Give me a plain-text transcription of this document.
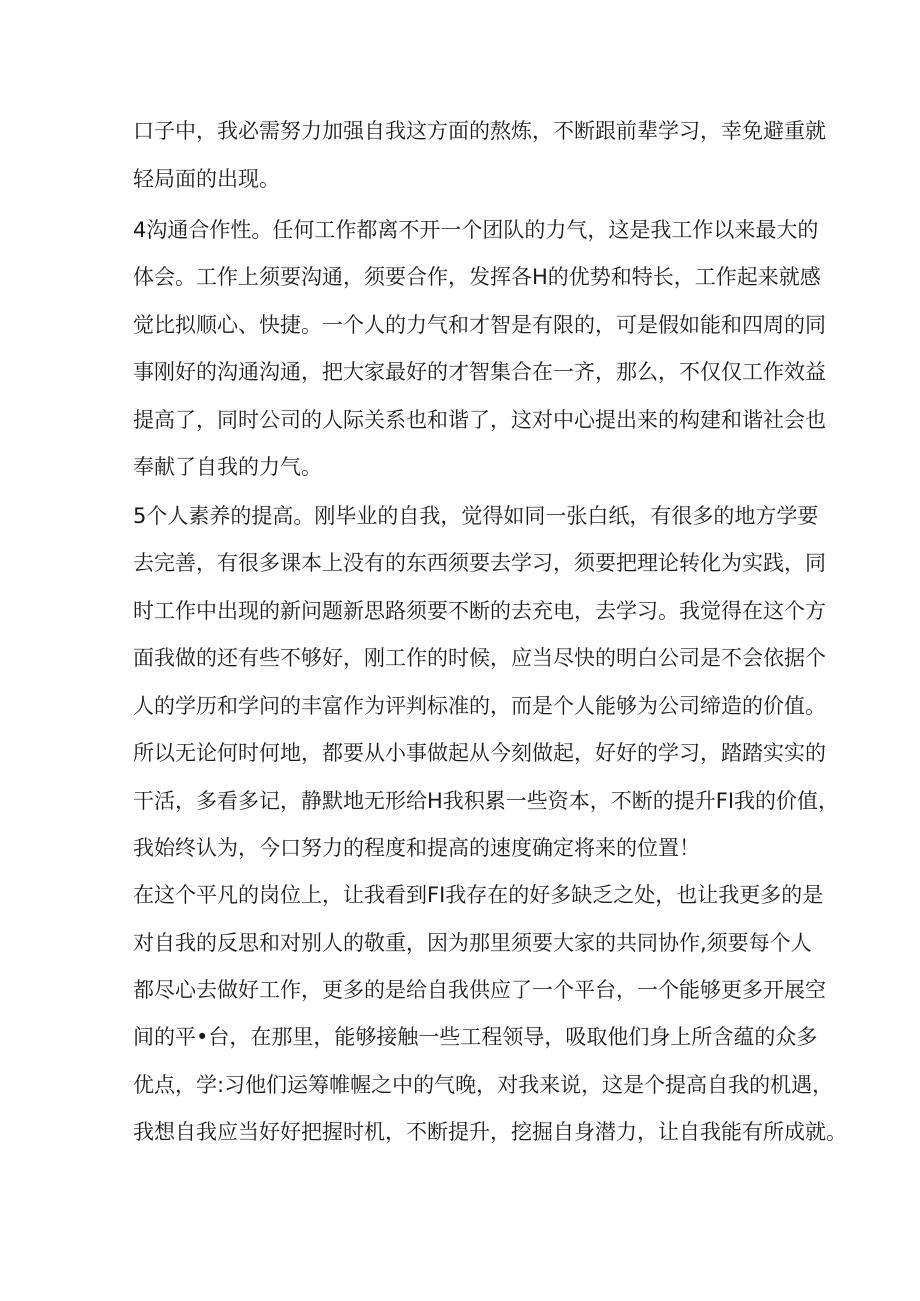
口子中，我必需努力加强自我这方面的熬炼，不断跟前辈学习，幸免避重就
轻局面的出现。
4沟通合作性。任何工作都离不开一个团队的力气，这是我工作以来最大的
体会。工作上须要沟通，须要合作，发挥各H的优势和特长，工作起来就感
觉比拟顺心、快捷。一个人的力气和才智是有限的，可是假如能和四周的同
事刚好的沟通沟通，把大家最好的才智集合在一齐，那么，不仅仅工作效益
提高了，同时公司的人际关系也和谐了，这对中心提出来的构建和谐社会也
奉献了自我的力气。
5个人素养的提高。刚毕业的自我，觉得如同一张白纸，有很多的地方学要
去完善，有很多课本上没有的东西须要去学习，须要把理论转化为实践，同
时工作中出现的新问题新思路须要不断的去充电，去学习。我觉得在这个方
面我做的还有些不够好，刚工作的时候，应当尽快的明白公司是不会依据个
人的学历和学问的丰富作为评判标准的，而是个人能够为公司缔造的价值。
所以无论何时何地，都要从小事做起从今刻做起，好好的学习，踏踏实实的
干活，多看多记，静默地无形给H我积累一些资本，不断的提升FI我的价值，
我始终认为，今口努力的程度和提高的速度确定将来的位置！
在这个平凡的岗位上，让我看到FI我存在的好多缺乏之处，也让我更多的是
对自我的反思和对别人的敬重，因为那里须要大家的共同协作,须要每个人
都尽心去做好工作，更多的是给自我供应了一个平台，一个能够更多开展空
间的平•台，在那里，能够接触一些工程领导，吸取他们身上所含蕴的众多
优点，学:习他们运筹帷幄之中的气晚，对我来说，这是个提高自我的机遇，
我想自我应当好好把握时机，不断提升，挖掘自身潜力，让自我能有所成就。
